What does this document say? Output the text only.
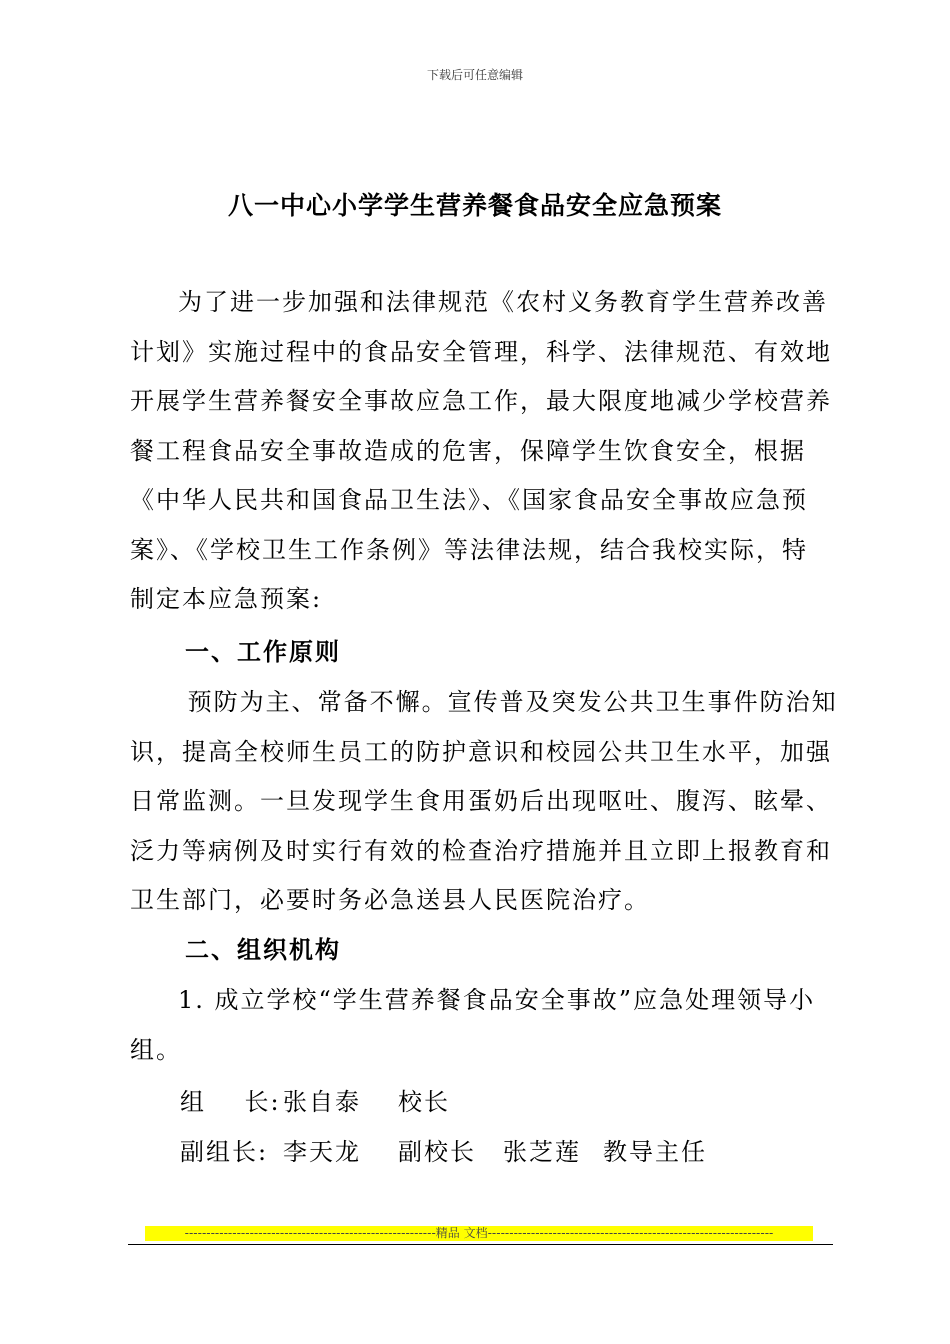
下载后可任意编辑
八一中心小学学生营养餐食品安全应急预案
为了进一步加强和法律规范《农村义务教育学生营养改善
计划》实施过程中的食品安全管理，科学、法律规范、有效地
开展学生营养餐安全事故应急工作，最大限度地减少学校营养
餐工程食品安全事故造成的危害，保障学生饮食安全，根据
《中华人民共和国食品卫生法》、《国家食品安全事故应急预
案》、《学校卫生工作条例》等法律法规，结合我校实际，特
制定本应急预案:
一、工作原则
预防为主、常备不懈。宣传普及突发公共卫生事件防治知
识，提高全校师生员工的防护意识和校园公共卫生水平，加强
日常监测。一旦发现学生食用蛋奶后出现呕吐、腹泻、眩晕、
泛力等病例及时实行有效的检查治疗措施并且立即上报教育和
卫生部门，必要时务必急送县人民医院治疗。
二、组织机构
1. 成立学校“学生营养餐食品安全事故”应急处理领导小
组。
组    长:张自泰 校长
副组长: 李天龙 副校长 张芝莲 教导主任
----------------------------------------------------------精品 文档------------------------------------------------------------------
